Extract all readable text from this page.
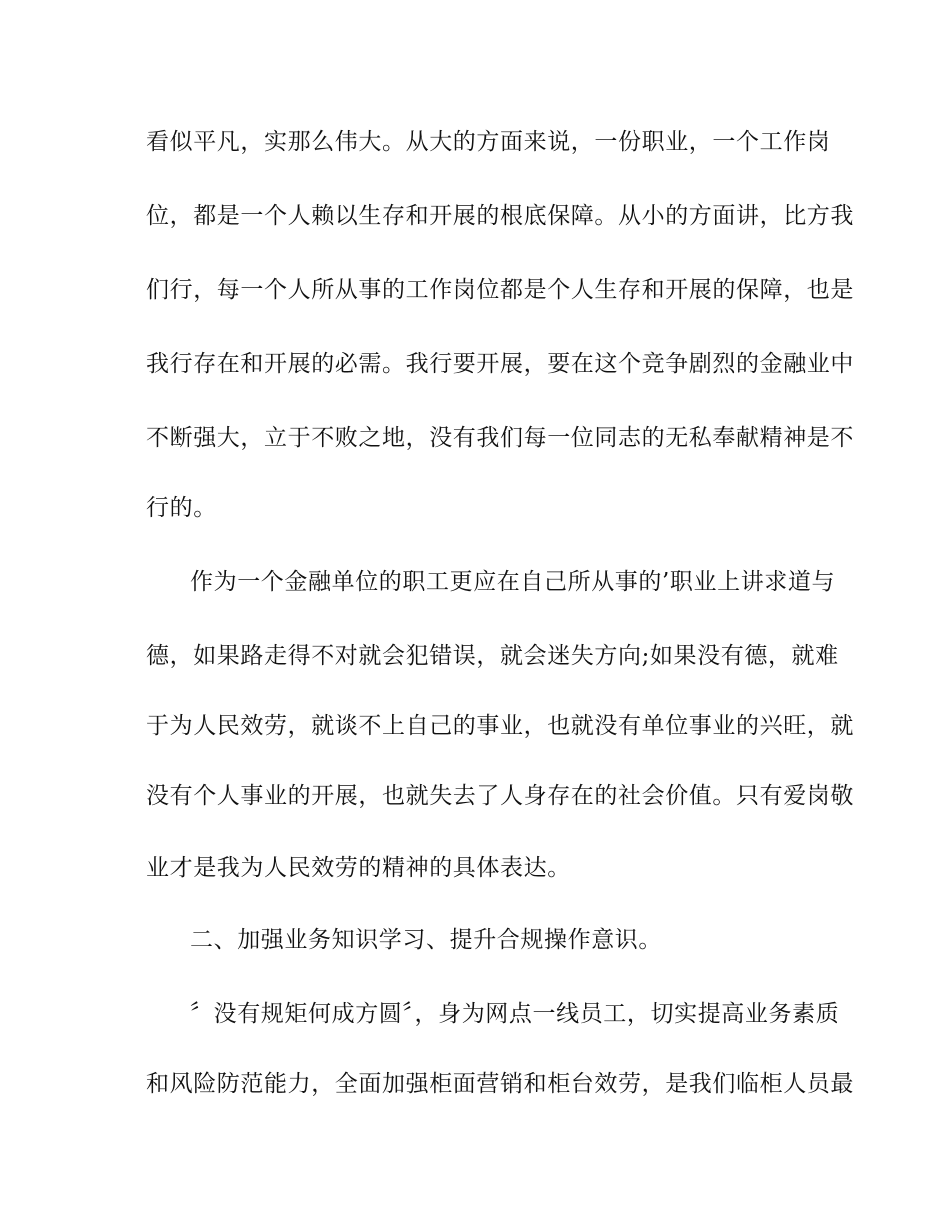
看似平凡，实那么伟大。从大的方面来说，一份职业，一个工作岗
位，都是一个人赖以生存和开展的根底保障。从小的方面讲，比方我
们行，每一个人所从事的工作岗位都是个人生存和开展的保障，也是
我行存在和开展的必需。我行要开展，要在这个竞争剧烈的金融业中
不断强大，立于不败之地，没有我们每一位同志的无私奉献精神是不
行的。
作为一个金融单位的职工更应在自己所从事的’职业上讲求道与
德，如果路走得不对就会犯错误，就会迷失方向;如果没有德，就难
于为人民效劳，就谈不上自己的事业，也就没有单位事业的兴旺，就
没有个人事业的开展，也就失去了人身存在的社会价值。只有爱岗敬
业才是我为人民效劳的精神的具体表达。
二、加强业务知识学习、提升合规操作意识。
〞没有规矩何成方圆〞，身为网点一线员工，切实提高业务素质
和风险防范能力，全面加强柜面营销和柜台效劳，是我们临柜人员最
